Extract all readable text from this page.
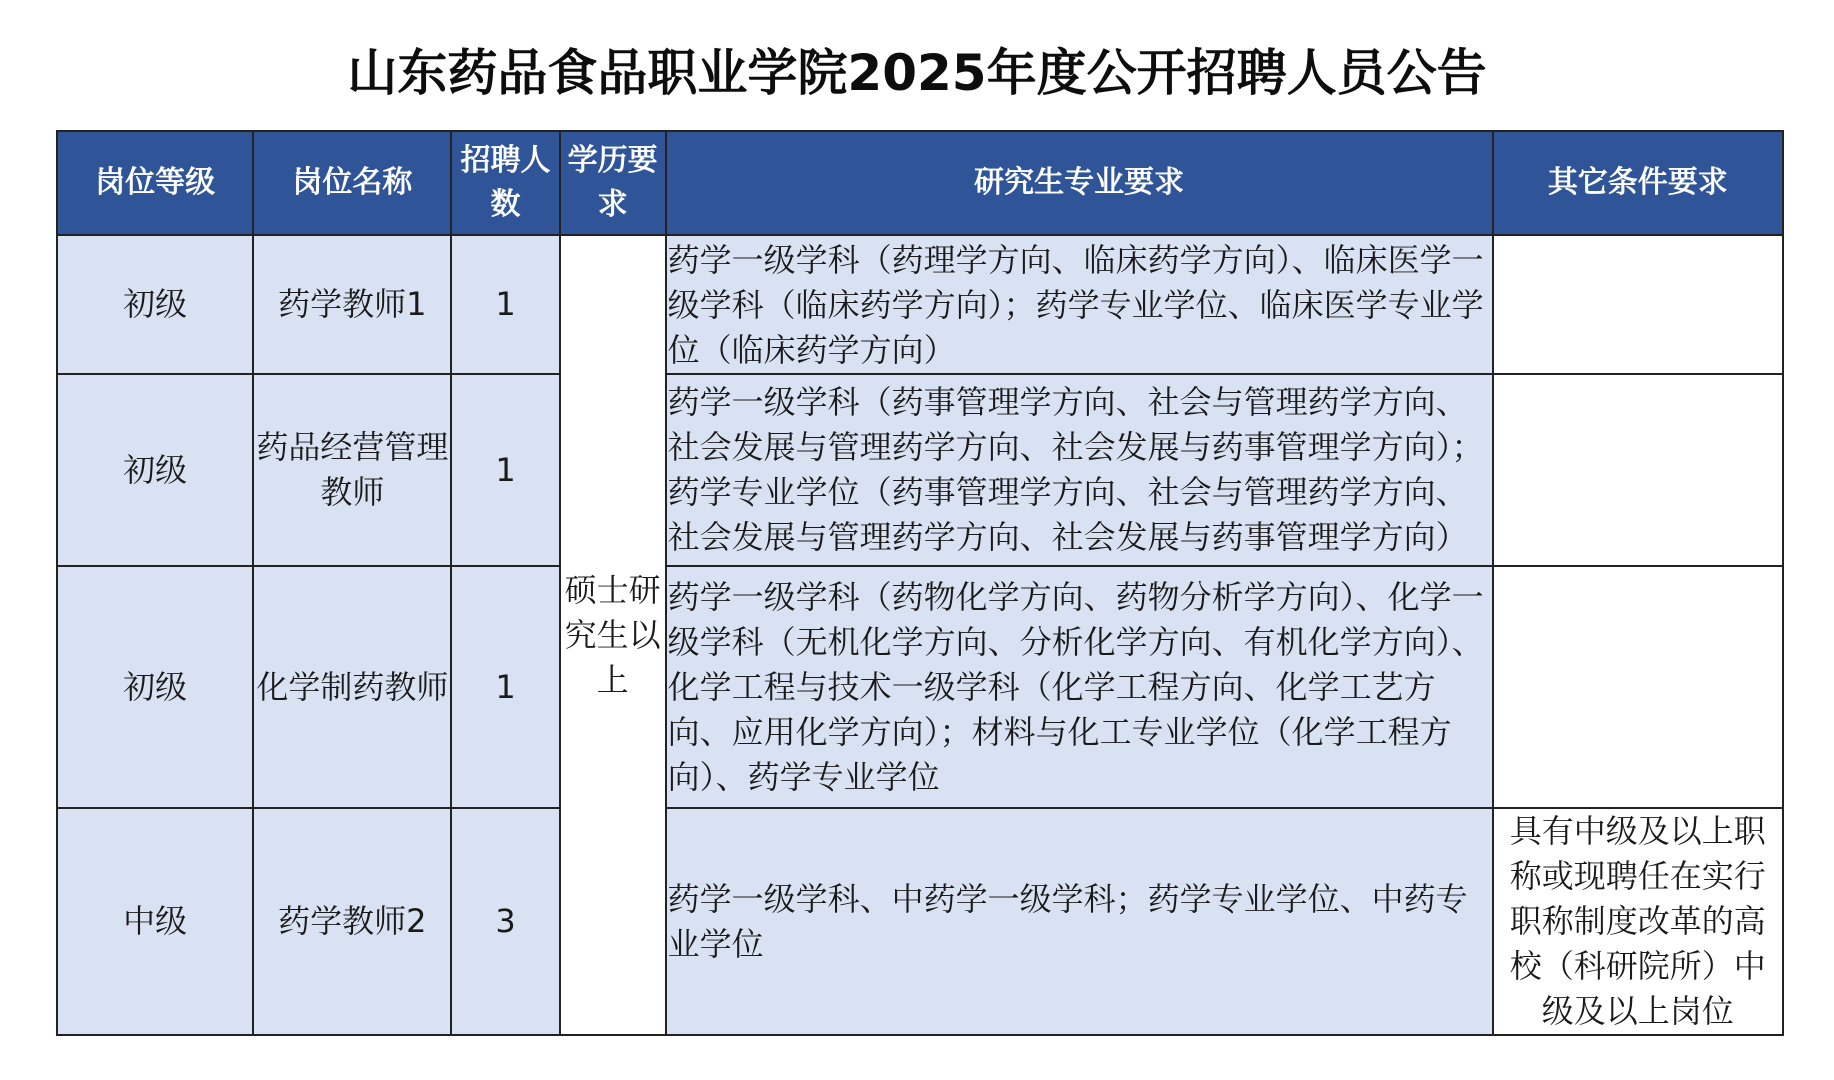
山东药品食品职业学院2025年度公开招聘人员公告
岗位等级	岗位名称	招聘人数	学历要求	研究生专业要求	其它条件要求
初级	药学教师1	1	硕士研究生以上	药学一级学科（药理学方向、临床药学方向）、临床医学一级学科（临床药学方向）；药学专业学位、临床医学专业学位（临床药学方向）	
初级	药品经营管理教师	1		药学一级学科（药事管理学方向、社会与管理药学方向、社会发展与管理药学方向、社会发展与药事管理学方向）；药学专业学位（药事管理学方向、社会与管理药学方向、社会发展与管理药学方向、社会发展与药事管理学方向）	
初级	化学制药教师	1		药学一级学科（药物化学方向、药物分析学方向）、化学一级学科（无机化学方向、分析化学方向、有机化学方向）、化学工程与技术一级学科（化学工程方向、化学工艺方向、应用化学方向）；材料与化工专业学位（化学工程方向）、药学专业学位	
中级	药学教师2	3		药学一级学科、中药学一级学科；药学专业学位、中药专业学位	具有中级及以上职称或现聘任在实行职称制度改革的高校（科研院所）中级及以上岗位
